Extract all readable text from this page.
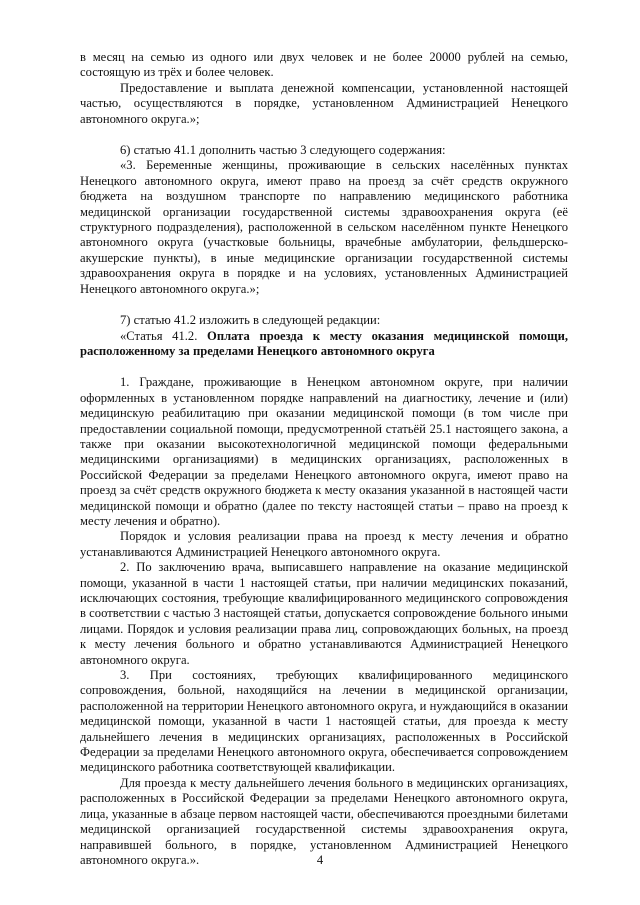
в месяц на семью из одного или двух человек и не более 20000 рублей на семью, состоящую из трёх и более человек.

Предоставление и выплата денежной компенсации, установленной настоящей частью, осуществляются в порядке, установленном Администрацией Ненецкого автономного округа.»;

6) статью 41.1 дополнить частью 3 следующего содержания:

«3. Беременные женщины, проживающие в сельских населённых пунктах Ненецкого автономного округа, имеют право на проезд за счёт средств окружного бюджета на воздушном транспорте по направлению медицинского работника медицинской организации государственной системы здравоохранения округа (её структурного подразделения), расположенной в сельском населённом пункте Ненецкого автономного округа (участковые больницы, врачебные амбулатории, фельдшерско-акушерские пункты), в иные медицинские организации государственной системы здравоохранения округа в порядке и на условиях, установленных Администрацией Ненецкого автономного округа.»;

7) статью 41.2 изложить в следующей редакции:

«Статья 41.2. Оплата проезда к месту оказания медицинской помощи, расположенному за пределами Ненецкого автономного округа

1. Граждане, проживающие в Ненецком автономном округе, при наличии оформленных в установленном порядке направлений на диагностику, лечение и (или) медицинскую реабилитацию при оказании медицинской помощи (в том числе при предоставлении социальной помощи, предусмотренной статьёй 25.1 настоящего закона, а также при оказании высокотехнологичной медицинской помощи федеральными медицинскими организациями) в медицинских организациях, расположенных в Российской Федерации за пределами Ненецкого автономного округа, имеют право на проезд за счёт средств окружного бюджета к месту оказания указанной в настоящей части медицинской помощи и обратно (далее по тексту настоящей статьи – право на проезд к месту лечения и обратно).

Порядок и условия реализации права на проезд к месту лечения и обратно устанавливаются Администрацией Ненецкого автономного округа.

2. По заключению врача, выписавшего направление на оказание медицинской помощи, указанной в части 1 настоящей статьи, при наличии медицинских показаний, исключающих состояния, требующие квалифицированного медицинского сопровождения в соответствии с частью 3 настоящей статьи, допускается сопровождение больного иными лицами. Порядок и условия реализации права лиц, сопровождающих больных, на проезд к месту лечения больного и обратно устанавливаются Администрацией Ненецкого автономного округа.

3. При состояниях, требующих квалифицированного медицинского сопровождения, больной, находящийся на лечении в медицинской организации, расположенной на территории Ненецкого автономного округа, и нуждающийся в оказании медицинской помощи, указанной в части 1 настоящей статьи, для проезда к месту дальнейшего лечения в медицинских организациях, расположенных в Российской Федерации за пределами Ненецкого автономного округа, обеспечивается сопровождением медицинского работника соответствующей квалификации.

Для проезда к месту дальнейшего лечения больного в медицинских организациях, расположенных в Российской Федерации за пределами Ненецкого автономного округа, лица, указанные в абзаце первом настоящей части, обеспечиваются проездными билетами медицинской организацией государственной системы здравоохранения округа, направившей больного, в порядке, установленном Администрацией Ненецкого автономного округа.».	4
